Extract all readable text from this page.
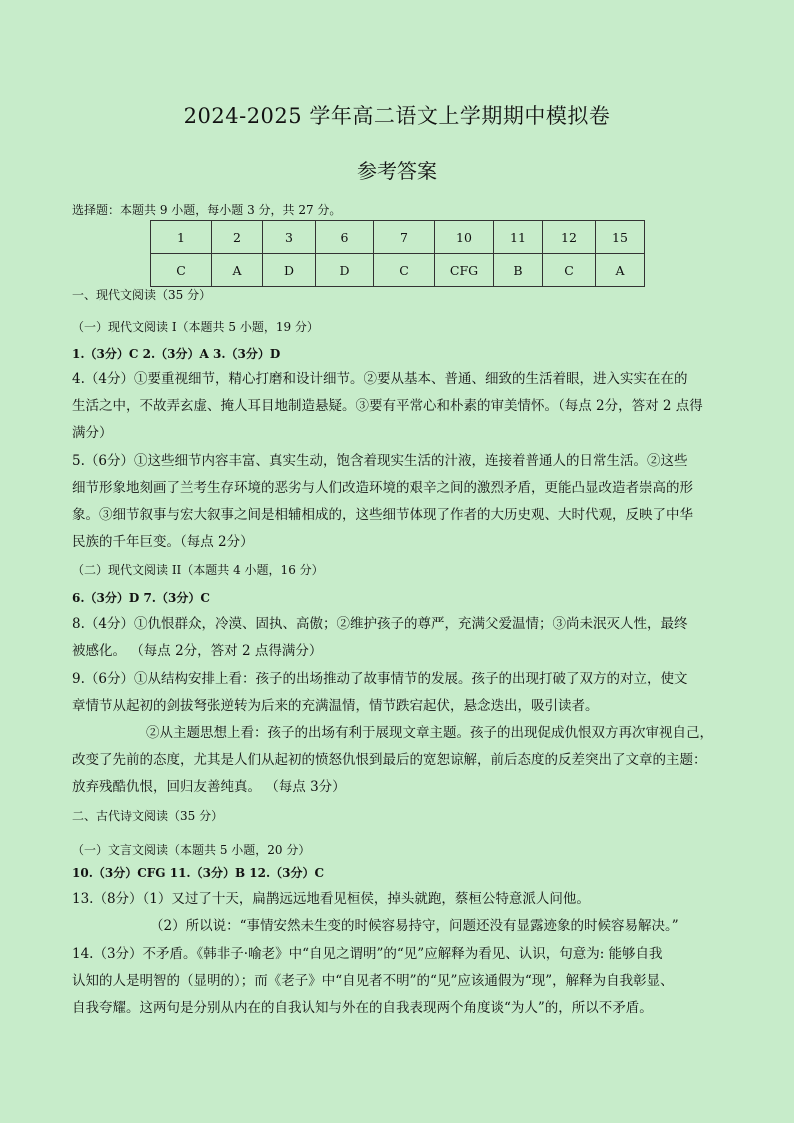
2024-2025 学年高二语文上学期期中模拟卷
参考答案
选择题：本题共 9 小题，每小题 3 分，共 27 分。
1	2	3	6	7	10	11	12	15
C	A	D	D	C	CFG	B	C	A
一、现代文阅读（35 分）
（一）现代文阅读 I（本题共 5 小题，19 分）
1.（3分）C 2.（3分）A 3.（3分）D
4.（4分）①要重视细节，精心打磨和设计细节。②要从基本、普通、细致的生活着眼，进入实实在在的
生活之中，不故弄玄虚、掩人耳目地制造悬疑。③要有平常心和朴素的审美情怀。（每点 2分，答对 2 点得
满分）
5.（6分）①这些细节内容丰富、真实生动，饱含着现实生活的汁液，连接着普通人的日常生活。②这些
细节形象地刻画了兰考生存环境的恶劣与人们改造环境的艰辛之间的激烈矛盾，更能凸显改造者崇高的形
象。③细节叙事与宏大叙事之间是相辅相成的，这些细节体现了作者的大历史观、大时代观，反映了中华
民族的千年巨变。（每点 2分）
（二）现代文阅读 II（本题共 4 小题，16 分）
6.（3分）D 7.（3分）C
8.（4分）①仇恨群众，冷漠、固执、高傲；②维护孩子的尊严，充满父爱温情；③尚未泯灭人性，最终
被感化。 （每点 2分，答对 2 点得满分）
9.（6分）①从结构安排上看：孩子的出场推动了故事情节的发展。孩子的出现打破了双方的对立，使文
章情节从起初的剑拔弩张逆转为后来的充满温情，情节跌宕起伏，悬念迭出，吸引读者。
②从主题思想上看：孩子的出场有利于展现文章主题。孩子的出现促成仇恨双方再次审视自己，
改变了先前的态度，尤其是人们从起初的愤怒仇恨到最后的宽恕谅解，前后态度的反差突出了文章的主题：
放弃残酷仇恨，回归友善纯真。 （每点 3分）
二、古代诗文阅读（35 分）
（一）文言文阅读（本题共 5 小题，20 分）
10.（3分）CFG 11.（3分）B 12.（3分）C
13.（8分）（1）又过了十天，扁鹊远远地看见桓侯，掉头就跑，蔡桓公特意派人问他。
（2）所以说：“事情安然未生变的时候容易持守，问题还没有显露迹象的时候容易解决。”
14.（3分）不矛盾。《韩非子·喻老》中“自见之谓明”的“见”应解释为看见、认识，句意为: 能够自我
认知的人是明智的（显明的）；而《老子》中“自见者不明”的“见”应该通假为“现”，解释为自我彰显、
自我夸耀。这两句是分别从内在的自我认知与外在的自我表现两个角度谈“为人”的，所以不矛盾。
